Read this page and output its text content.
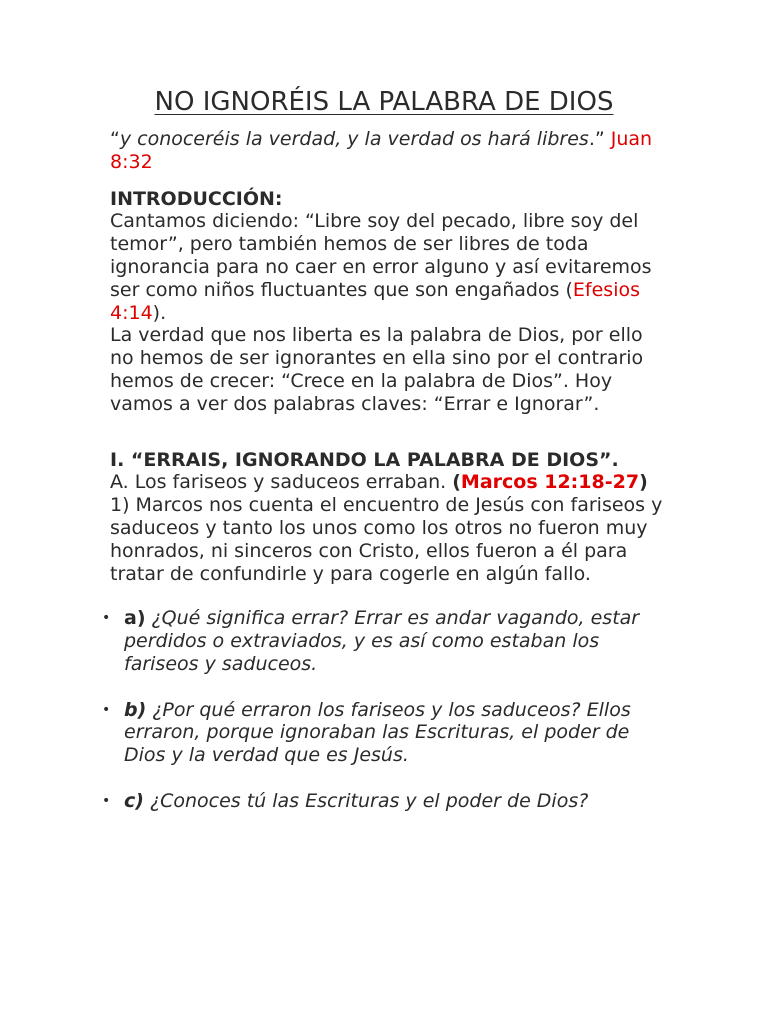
NO IGNORÉIS LA PALABRA DE DIOS

“y conoceréis la verdad, y la verdad os hará libres.” Juan 8:32

INTRODUCCIÓN:

Cantamos diciendo: “Libre soy del pecado, libre soy del temor”, pero también hemos de ser libres de toda ignorancia para no caer en error alguno y así evitaremos ser como niños fluctuantes que son engañados (Efesios 4:14).

La verdad que nos liberta es la palabra de Dios, por ello no hemos de ser ignorantes en ella sino por el contrario hemos de crecer: “Crece en la palabra de Dios”. Hoy vamos a ver dos palabras claves: “Errar e Ignorar”.

I. “ERRAIS, IGNORANDO LA PALABRA DE DIOS”.

A. Los fariseos y saduceos erraban. (Marcos 12:18-27)

1) Marcos nos cuenta el encuentro de Jesús con fariseos y saduceos y tanto los unos como los otros no fueron muy honrados, ni sinceros con Cristo, ellos fueron a él para tratar de confundirle y para cogerle en algún fallo.

• a) ¿Qué significa errar? Errar es andar vagando, estar perdidos o extraviados, y es así como estaban los fariseos y saduceos.
• b) ¿Por qué erraron los fariseos y los saduceos? Ellos erraron, porque ignoraban las Escrituras, el poder de Dios y la verdad que es Jesús.
• c) ¿Conoces tú las Escrituras y el poder de Dios?
